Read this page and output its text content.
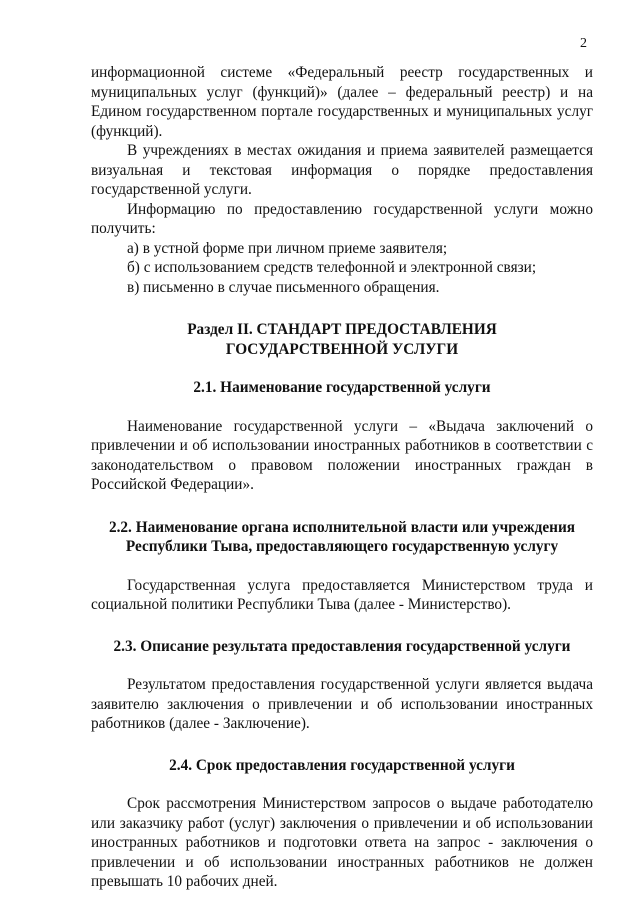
2

информационной системе «Федеральный реестр государственных и муниципальных услуг (функций)» (далее – федеральный реестр) и на Едином государственном портале государственных и муниципальных услуг (функций).

В учреждениях в местах ожидания и приема заявителей размещается визуальная и текстовая информация о порядке предоставления государственной услуги.

Информацию по предоставлению государственной услуги можно получить:

а) в устной форме при личном приеме заявителя;

б) с использованием средств телефонной и электронной связи;

в) письменно в случае письменного обращения.

Раздел II. СТАНДАРТ ПРЕДОСТАВЛЕНИЯ
ГОСУДАРСТВЕННОЙ УСЛУГИ
2.1. Наименование государственной услуги

Наименование государственной услуги – «Выдача заключений о привлечении и об использовании иностранных работников в соответствии с законодательством о правовом положении иностранных граждан в Российской Федерации».

2.2. Наименование органа исполнительной власти или учреждения
Республики Тыва, предоставляющего государственную услугу

Государственная услуга предоставляется Министерством труда и социальной политики Республики Тыва (далее - Министерство).

2.3. Описание результата предоставления государственной услуги

Результатом предоставления государственной услуги является выдача заявителю заключения о привлечении и об использовании иностранных работников (далее - Заключение).

2.4. Срок предоставления государственной услуги

Срок рассмотрения Министерством запросов о выдаче работодателю или заказчику работ (услуг) заключения о привлечении и об использовании иностранных работников и подготовки ответа на запрос - заключения о привлечении и об использовании иностранных работников не должен превышать 10 рабочих дней.
